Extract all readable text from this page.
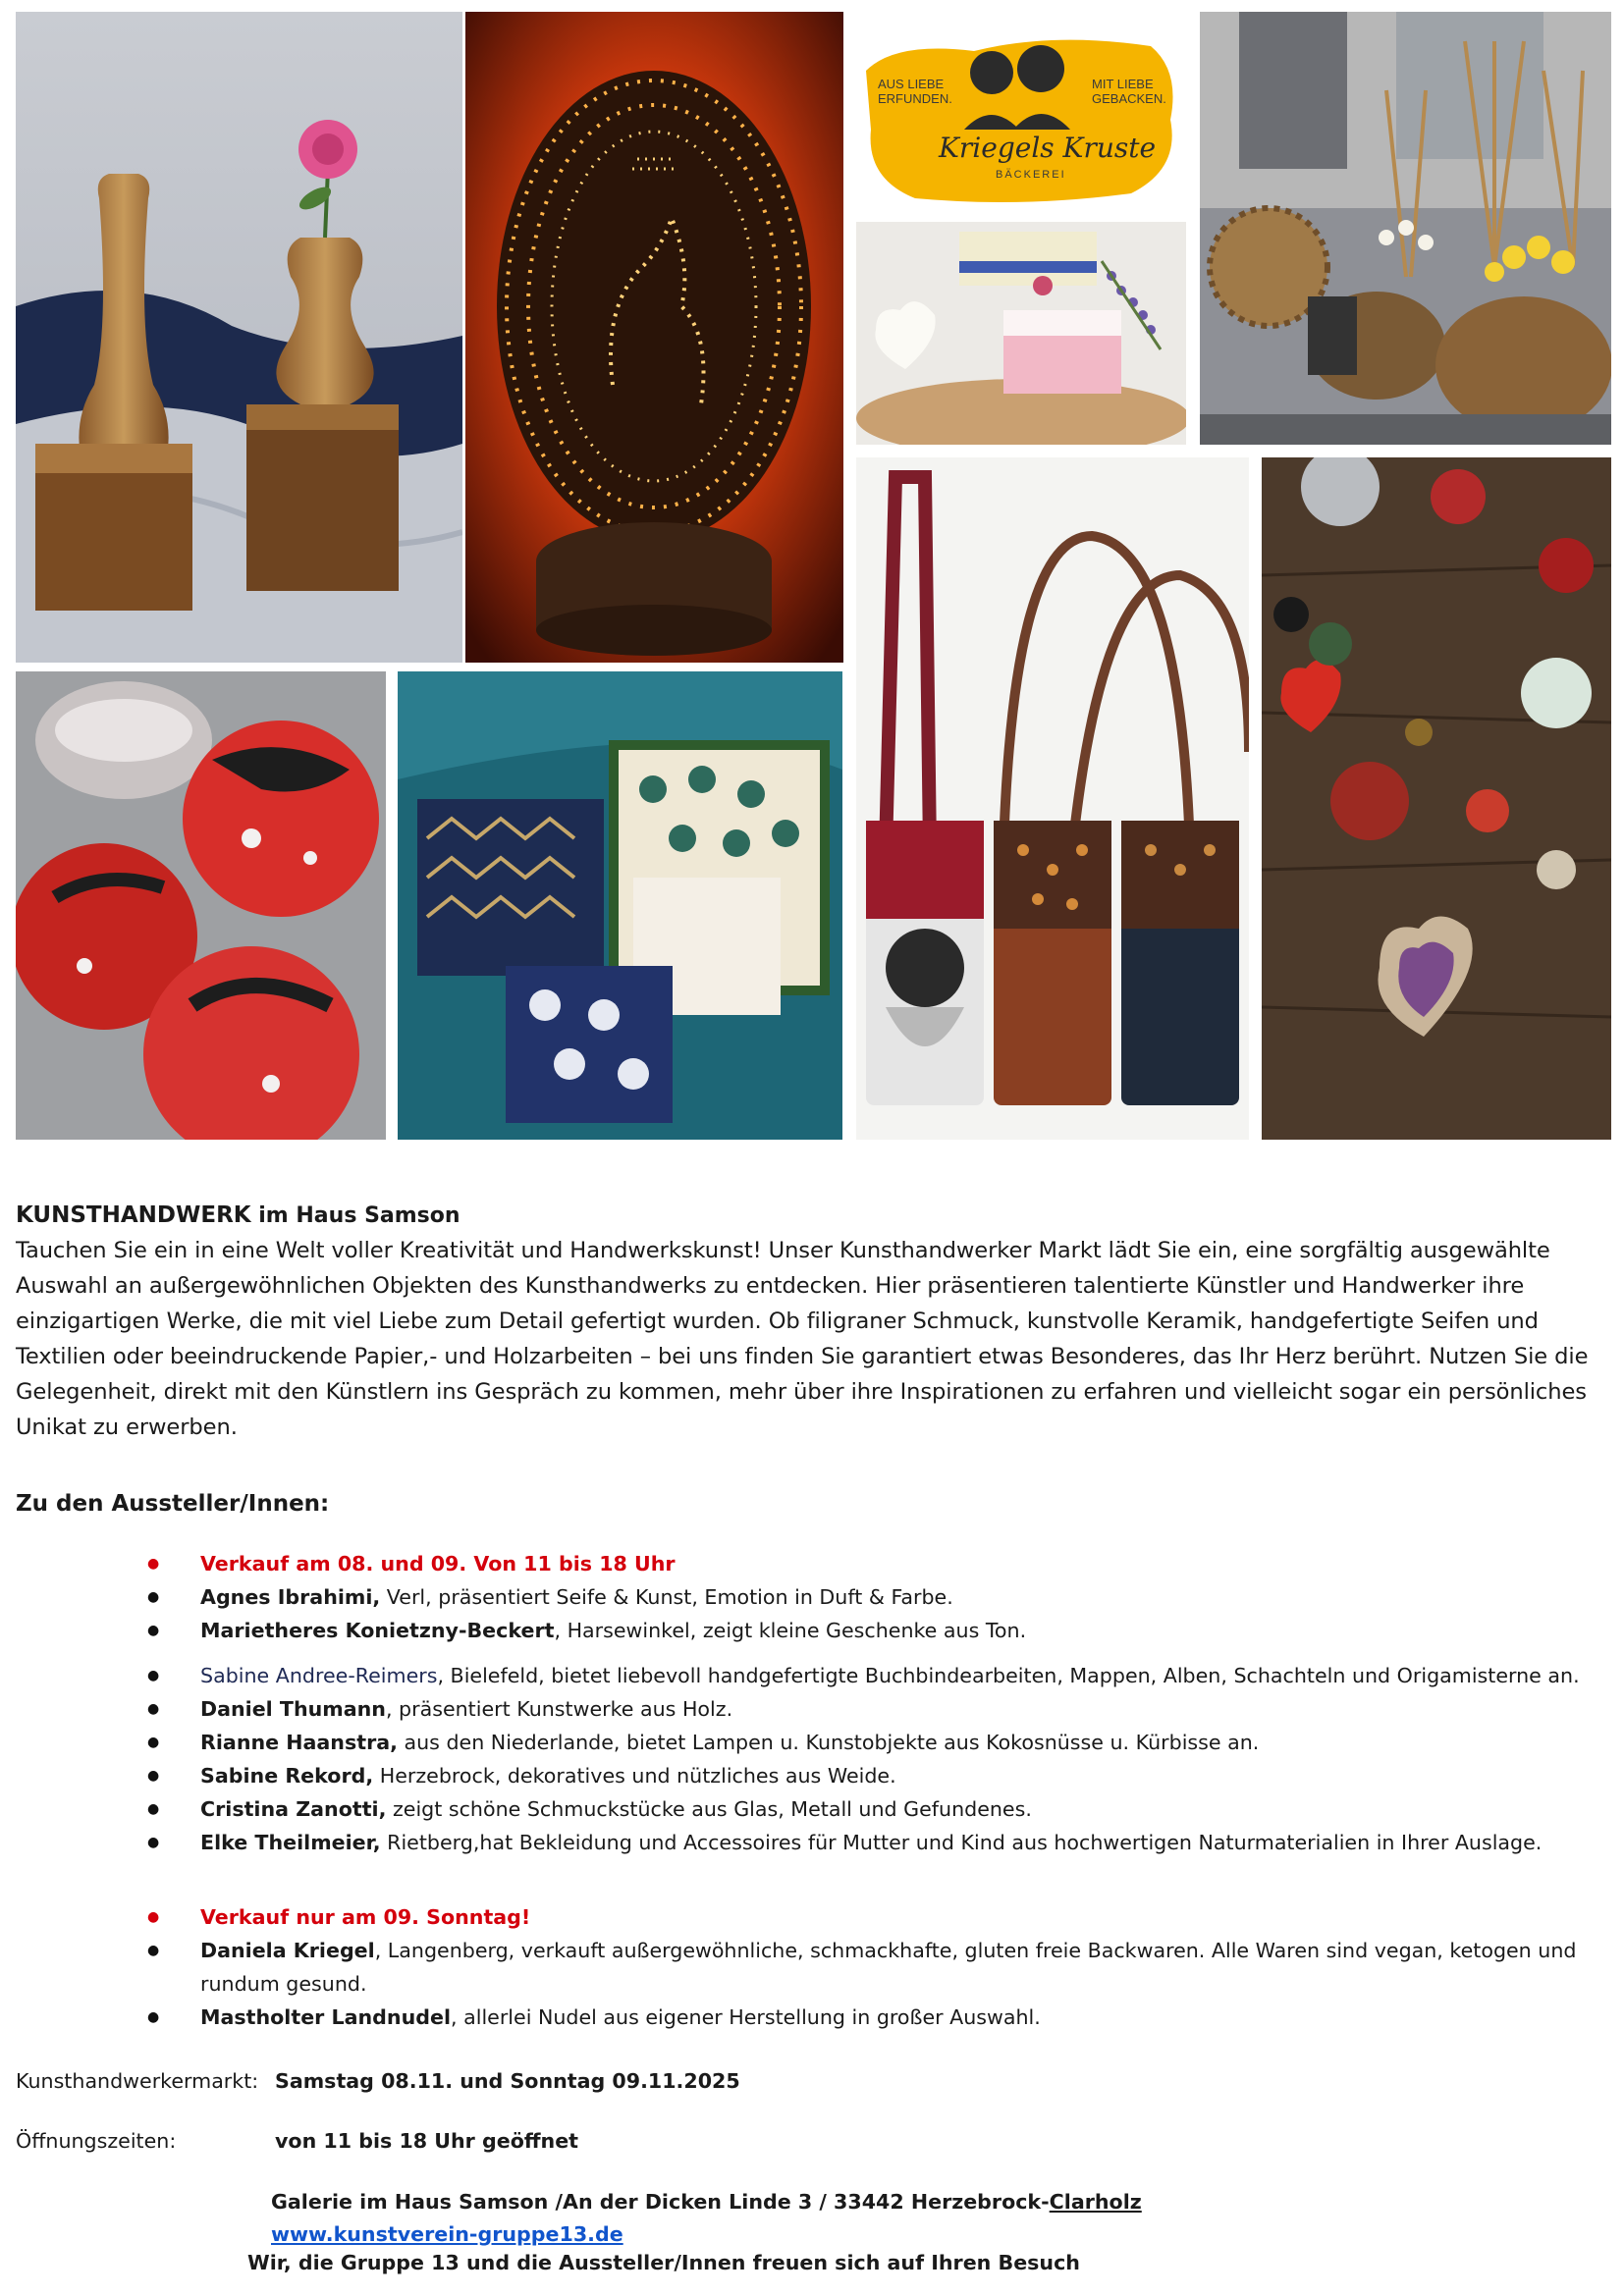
AUS LIEBE
ERFUNDEN.
MIT LIEBE
GEBACKEN.
Kriegels Kruste
BÄCKEREI
KUNSTHANDWERK im Haus Samson
Tauchen Sie ein in eine Welt voller Kreativität und Handwerkskunst! Unser Kunsthandwerker Markt lädt Sie ein, eine sorgfältig ausgewählte Auswahl an außergewöhnlichen Objekten des Kunsthandwerks zu entdecken. Hier präsentieren talentierte Künstler und Handwerker ihre einzigartigen Werke, die mit viel Liebe zum Detail gefertigt wurden. Ob filigraner Schmuck, kunstvolle Keramik, handgefertigte Seifen und Textilien oder beeindruckende Papier,- und Holzarbeiten – bei uns finden Sie garantiert etwas Besonderes, das Ihr Herz berührt. Nutzen Sie die Gelegenheit, direkt mit den Künstlern ins Gespräch zu kommen, mehr über ihre Inspirationen zu erfahren und vielleicht sogar ein persönliches Unikat zu erwerben.
Zu den Aussteller/Innen:
● Verkauf am 08. und 09. Von 11 bis 18 Uhr
● Agnes Ibrahimi, Verl, präsentiert Seife & Kunst, Emotion in Duft & Farbe.
● Marietheres Konietzny-Beckert, Harsewinkel, zeigt kleine Geschenke aus Ton.
● Sabine Andree-Reimers, Bielefeld, bietet liebevoll handgefertigte Buchbindearbeiten, Mappen, Alben, Schachteln und Origamisterne an.
● Daniel Thumann, präsentiert Kunstwerke aus Holz.
● Rianne Haanstra, aus den Niederlande, bietet Lampen u. Kunstobjekte aus Kokosnüsse u. Kürbisse an.
● Sabine Rekord, Herzebrock, dekoratives und nützliches aus Weide.
● Cristina Zanotti, zeigt schöne Schmuckstücke aus Glas, Metall und Gefundenes.
● Elke Theilmeier, Rietberg,hat Bekleidung und Accessoires für Mutter und Kind aus hochwertigen Naturmaterialien in Ihrer Auslage.
● Verkauf nur am 09. Sonntag!
● Daniela Kriegel, Langenberg, verkauft außergewöhnliche, schmackhafte, gluten freie Backwaren. Alle Waren sind vegan, ketogen und rundum gesund.
● Mastholter Landnudel, allerlei Nudel aus eigener Herstellung in großer Auswahl.
Kunsthandwerkermarkt: Samstag 08.11. und Sonntag 09.11.2025
Öffnungszeiten:	von 11 bis 18 Uhr geöffnet
Galerie im Haus Samson /An der Dicken Linde 3 / 33442 Herzebrock-Clarholz
www.kunstverein-gruppe13.de
Wir, die Gruppe 13 und die Aussteller/Innen freuen sich auf Ihren Besuch
